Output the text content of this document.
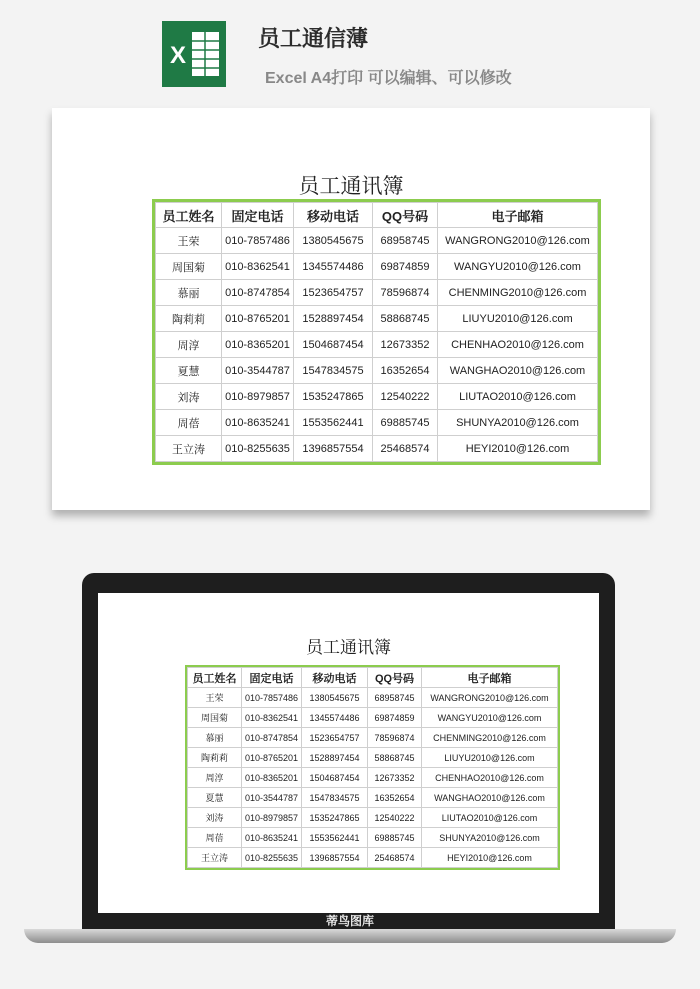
X
员工通信薄
Excel A4打印 可以编辑、可以修改
员工通讯簿
员工姓名	固定电话	移动电话	QQ号码	电子邮箱
王荣	010-7857486	1380545675	68958745	WANGRONG2010@126.com
周国菊	010-8362541	1345574486	69874859	WANGYU2010@126.com
慕丽	010-8747854	1523654757	78596874	CHENMING2010@126.com
陶莉莉	010-8765201	1528897454	58868745	LIUYU2010@126.com
周淳	010-8365201	1504687454	12673352	CHENHAO2010@126.com
夏慧	010-3544787	1547834575	16352654	WANGHAO2010@126.com
刘涛	010-8979857	1535247865	12540222	LIUTAO2010@126.com
周蓓	010-8635241	1553562441	69885745	SHUNYA2010@126.com
王立涛	010-8255635	1396857554	25468574	HEYI2010@126.com
员工通讯簿
员工姓名	固定电话	移动电话	QQ号码	电子邮箱
王荣	010-7857486	1380545675	68958745	WANGRONG2010@126.com
周国菊	010-8362541	1345574486	69874859	WANGYU2010@126.com
慕丽	010-8747854	1523654757	78596874	CHENMING2010@126.com
陶莉莉	010-8765201	1528897454	58868745	LIUYU2010@126.com
周淳	010-8365201	1504687454	12673352	CHENHAO2010@126.com
夏慧	010-3544787	1547834575	16352654	WANGHAO2010@126.com
刘涛	010-8979857	1535247865	12540222	LIUTAO2010@126.com
周蓓	010-8635241	1553562441	69885745	SHUNYA2010@126.com
王立涛	010-8255635	1396857554	25468574	HEYI2010@126.com
蒂鸟图库
